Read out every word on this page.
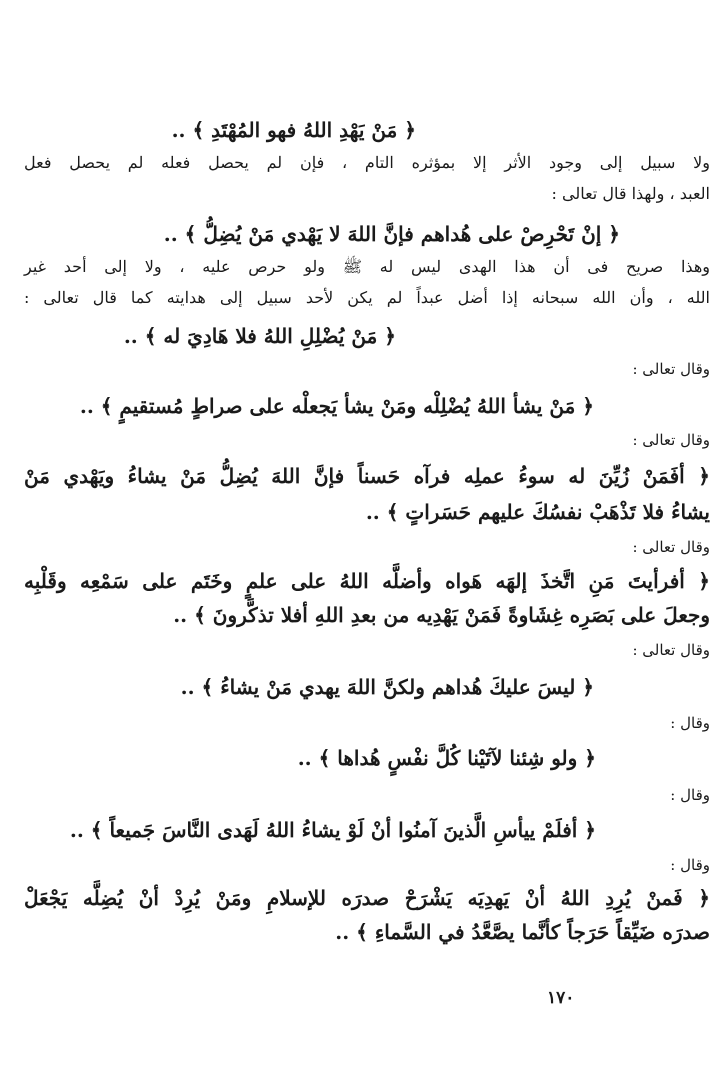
﴿ مَنْ يَهْدِ اللهُ فهو المُهْتَدِ ﴾ ..
ولا سبيل إلى وجود الأثر إلا بمؤثره التام ، فإن لم يحصل فعله لم يحصل فعل
العبد ، ولهذا قال تعالى :
﴿ إنْ تَحْرِصْ على هُداهم فإنَّ اللهَ لا يَهْدي مَنْ يُضِلُّ ﴾ ..
وهذا صريح فى أن هذا الهدى ليس له ﷺ ولو حرص عليه ، ولا إلى أحد غير
الله ، وأن الله سبحانه إذا أضل عبداً لم يكن لأحد سبيل إلى هدايته كما قال تعالى :
﴿ مَنْ يُضْلِلِ اللهُ فلا هَادِيَ له ﴾ ..
وقال تعالى :
﴿ مَنْ يشأ اللهُ يُضْلِلْه ومَنْ يشأ يَجعلْه على صراطٍ مُستقيمٍ ﴾ ..
وقال تعالى :
﴿ أفَمَنْ زُيِّنَ له سوءُ عملِه فرآه حَسناً فإنَّ اللهَ يُضِلُّ مَنْ يشاءُ ويَهْدي مَنْ
يشاءُ فلا تَذْهَبْ نفسُكَ عليهم حَسَراتٍ ﴾ ..
وقال تعالى :
﴿ أفرأيتَ مَنِ اتَّخذَ إلهَه هَواه وأضلَّه اللهُ على علمٍ وخَتَم على سَمْعِه وقَلْبِه
وجعلَ على بَصَرِه غِشَاوةً فَمَنْ يَهْدِيه من بعدِ اللهِ أفلا تذكَّرونَ ﴾ ..
وقال تعالى :
﴿ ليسَ عليكَ هُداهم ولكنَّ اللهَ يهدي مَنْ يشاءُ ﴾ ..
وقال :
﴿ ولو شِئنا لآتَيْنا كُلَّ نفْسٍ هُداها ﴾ ..
وقال :
﴿ أفلَمْ ييأسِ الَّذينَ آمنُوا أنْ لَوْ يشاءُ اللهُ لَهَدى النَّاسَ جَميعاً ﴾ ..
وقال :
﴿ فَمنْ يُرِدِ اللهُ أنْ يَهدِيَه يَشْرَحْ صدرَه للإسلامِ ومَنْ يُرِدْ أنْ يُضِلَّه يَجْعَلْ
صدرَه ضَيِّقاً حَرَجاً كأنَّما يصَّعَّدُ في السَّماءِ ﴾ ..
١٧٠
